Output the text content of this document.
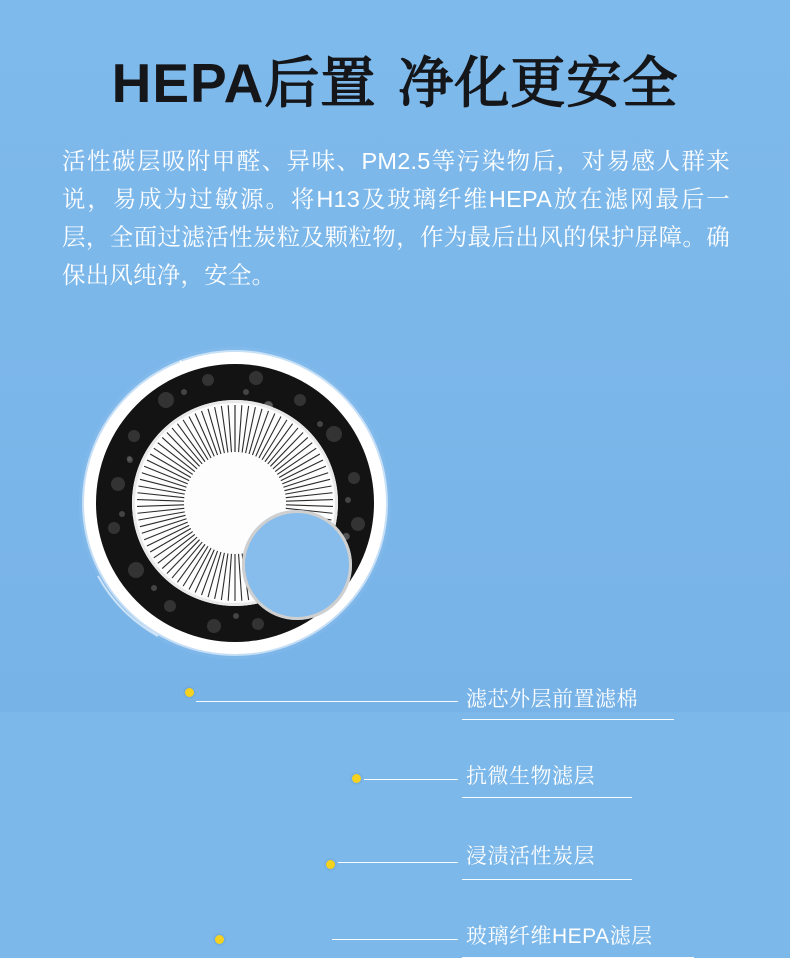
HEPA后置 净化更安全

活性碳层吸附甲醛、异味、PM2.5等污染物后，对易感人群来说，易成为过敏源。将H13及玻璃纤维HEPA放在滤网最后一层，全面过滤活性炭粒及颗粒物，作为最后出风的保护屏障。确保出风纯净，安全。

滤芯外层前置滤棉
抗微生物滤层
浸渍活性炭层
玻璃纤维HEPA滤层
